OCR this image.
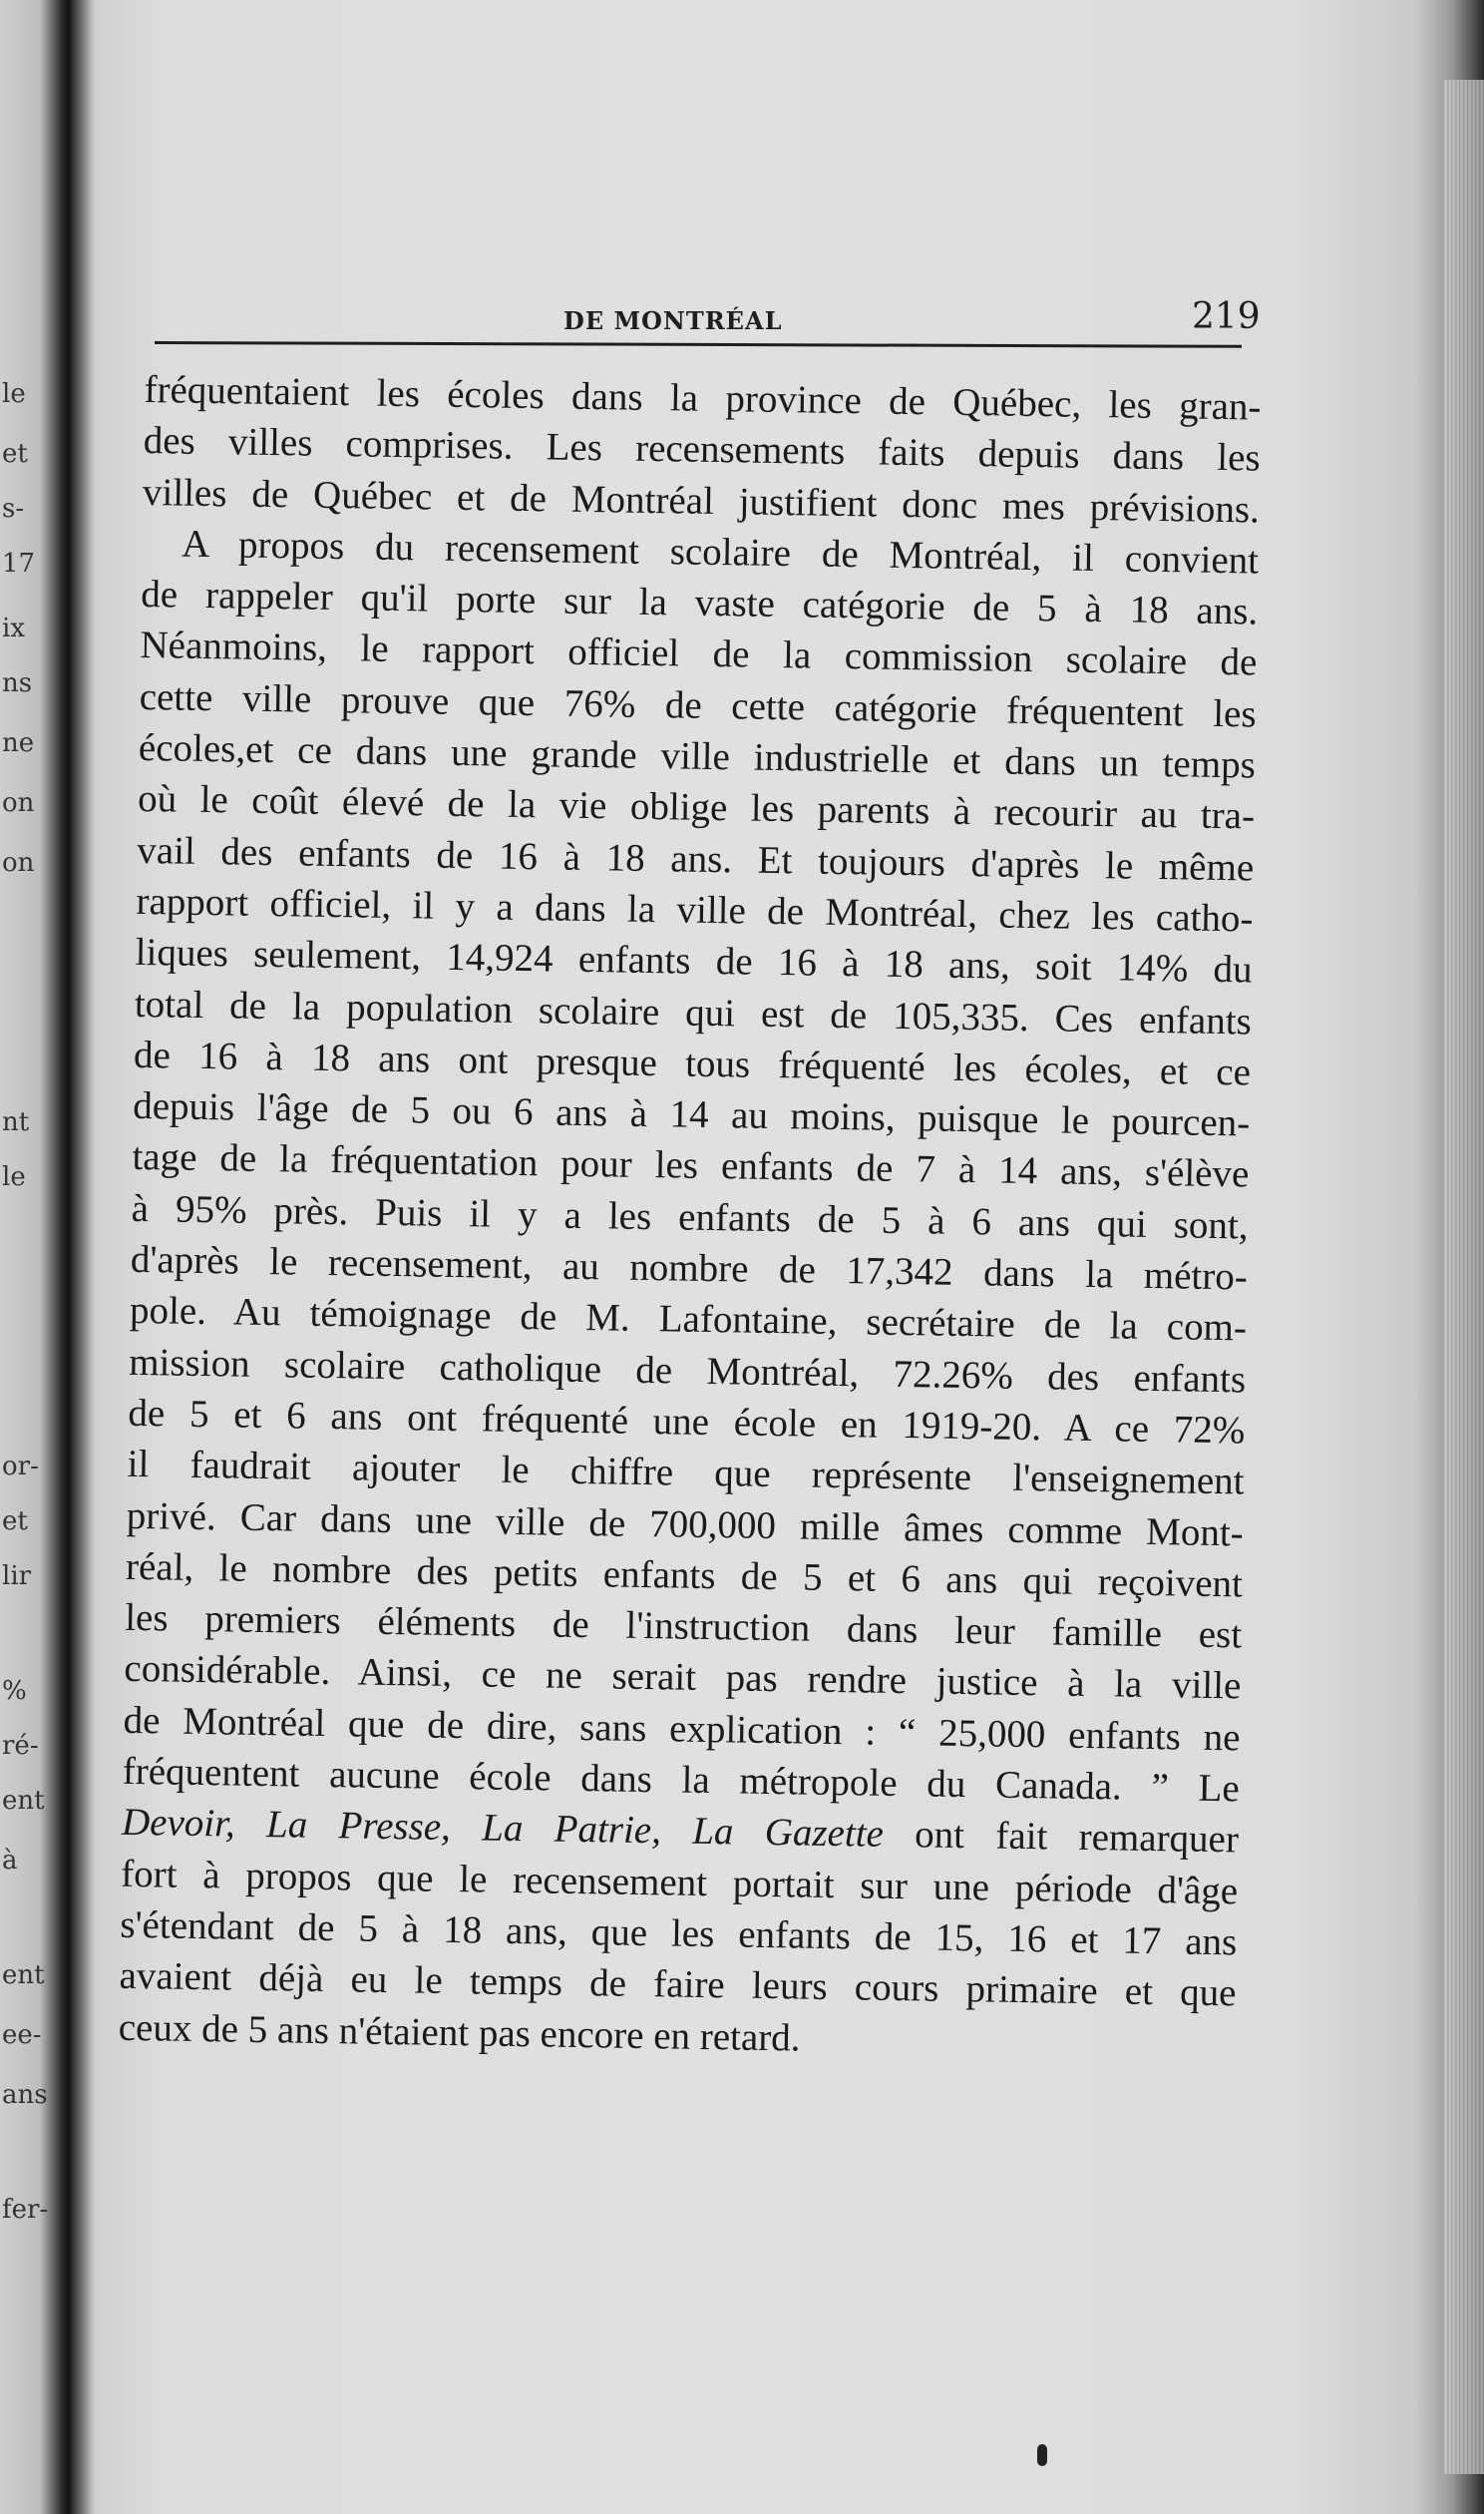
le
et
s-
17
ix
ns
ne
on
on
nt
le
or-
et
lir
%
ré-
ent
à
ent
ee-
ans
fer-
DE MONTRÉAL	219
fréquentaient les écoles dans la province de Québec, les gran-
des villes comprises. Les recensements faits depuis dans les
villes de Québec et de Montréal justifient donc mes prévisions.
A propos du recensement scolaire de Montréal, il convient
de rappeler qu'il porte sur la vaste catégorie de 5 à 18 ans.
Néanmoins, le rapport officiel de la commission scolaire de
cette ville prouve que 76% de cette catégorie fréquentent les
écoles,et ce dans une grande ville industrielle et dans un temps
où le coût élevé de la vie oblige les parents à recourir au tra-
vail des enfants de 16 à 18 ans. Et toujours d'après le même
rapport officiel, il y a dans la ville de Montréal, chez les catho-
liques seulement, 14,924 enfants de 16 à 18 ans, soit 14% du
total de la population scolaire qui est de 105,335. Ces enfants
de 16 à 18 ans ont presque tous fréquenté les écoles, et ce
depuis l'âge de 5 ou 6 ans à 14 au moins, puisque le pourcen-
tage de la fréquentation pour les enfants de 7 à 14 ans, s'élève
à 95% près. Puis il y a les enfants de 5 à 6 ans qui sont,
d'après le recensement, au nombre de 17,342 dans la métro-
pole. Au témoignage de M. Lafontaine, secrétaire de la com-
mission scolaire catholique de Montréal, 72.26% des enfants
de 5 et 6 ans ont fréquenté une école en 1919-20. A ce 72%
il faudrait ajouter le chiffre que représente l'enseignement
privé. Car dans une ville de 700,000 mille âmes comme Mont-
réal, le nombre des petits enfants de 5 et 6 ans qui reçoivent
les premiers éléments de l'instruction dans leur famille est
considérable. Ainsi, ce ne serait pas rendre justice à la ville
de Montréal que de dire, sans explication : “ 25,000 enfants ne
fréquentent aucune école dans la métropole du Canada. ” Le
Devoir, La Presse, La Patrie, La Gazette ont fait remarquer
fort à propos que le recensement portait sur une période d'âge
s'étendant de 5 à 18 ans, que les enfants de 15, 16 et 17 ans
avaient déjà eu le temps de faire leurs cours primaire et que
ceux de 5 ans n'étaient pas encore en retard.
